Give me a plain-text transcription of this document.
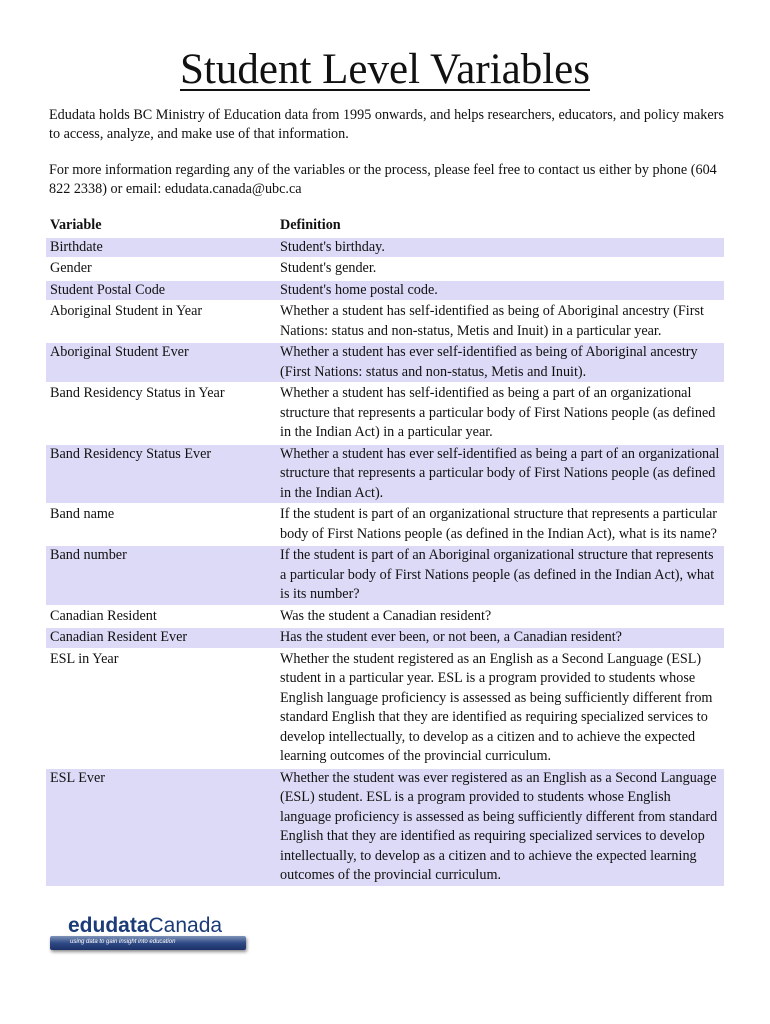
Student Level Variables

Edudata holds BC Ministry of Education data from 1995 onwards, and helps researchers, educators, and policy makers to access, analyze, and make use of that information.

For more information regarding any of the variables or the process, please feel free to contact us either by phone (604 822 2338) or email: edudata.canada@ubc.ca

Variable	Definition
Birthdate	Student's birthday.
Gender	Student's gender.
Student Postal Code	Student's home postal code.
Aboriginal Student in Year	Whether a student has self-identified as being of Aboriginal ancestry (First Nations: status and non-status, Metis and Inuit) in a particular year.
Aboriginal Student Ever	Whether a student has ever self-identified as being of Aboriginal ancestry (First Nations: status and non-status, Metis and Inuit).
Band Residency Status in Year	Whether a student has self-identified as being a part of an organizational structure that represents a particular body of First Nations people (as defined in the Indian Act) in a particular year.
Band Residency Status Ever	Whether a student has ever self-identified as being a part of an organizational structure that represents a particular body of First Nations people (as defined in the Indian Act).
Band name	If the student is part of an organizational structure that represents a particular body of First Nations people (as defined in the Indian Act), what is its name?
Band number	If the student is part of an Aboriginal organizational structure that represents a particular body of First Nations people (as defined in the Indian Act), what is its number?
Canadian Resident	Was the student a Canadian resident?
Canadian Resident Ever	Has the student ever been, or not been, a Canadian resident?
ESL in Year	Whether the student registered as an English as a Second Language (ESL) student in a particular year. ESL is a program provided to students whose English language proficiency is assessed as being sufficiently different from standard English that they are identified as requiring specialized services to develop intellectually, to develop as a citizen and to achieve the expected learning outcomes of the provincial curriculum.
ESL Ever	Whether the student was ever registered as an English as a Second Language (ESL) student. ESL is a program provided to students whose English language proficiency is assessed as being sufficiently different from standard English that they are identified as requiring specialized services to develop intellectually, to develop as a citizen and to achieve the expected learning outcomes of the provincial curriculum.
edudataCanada
using data to gain insight into education
